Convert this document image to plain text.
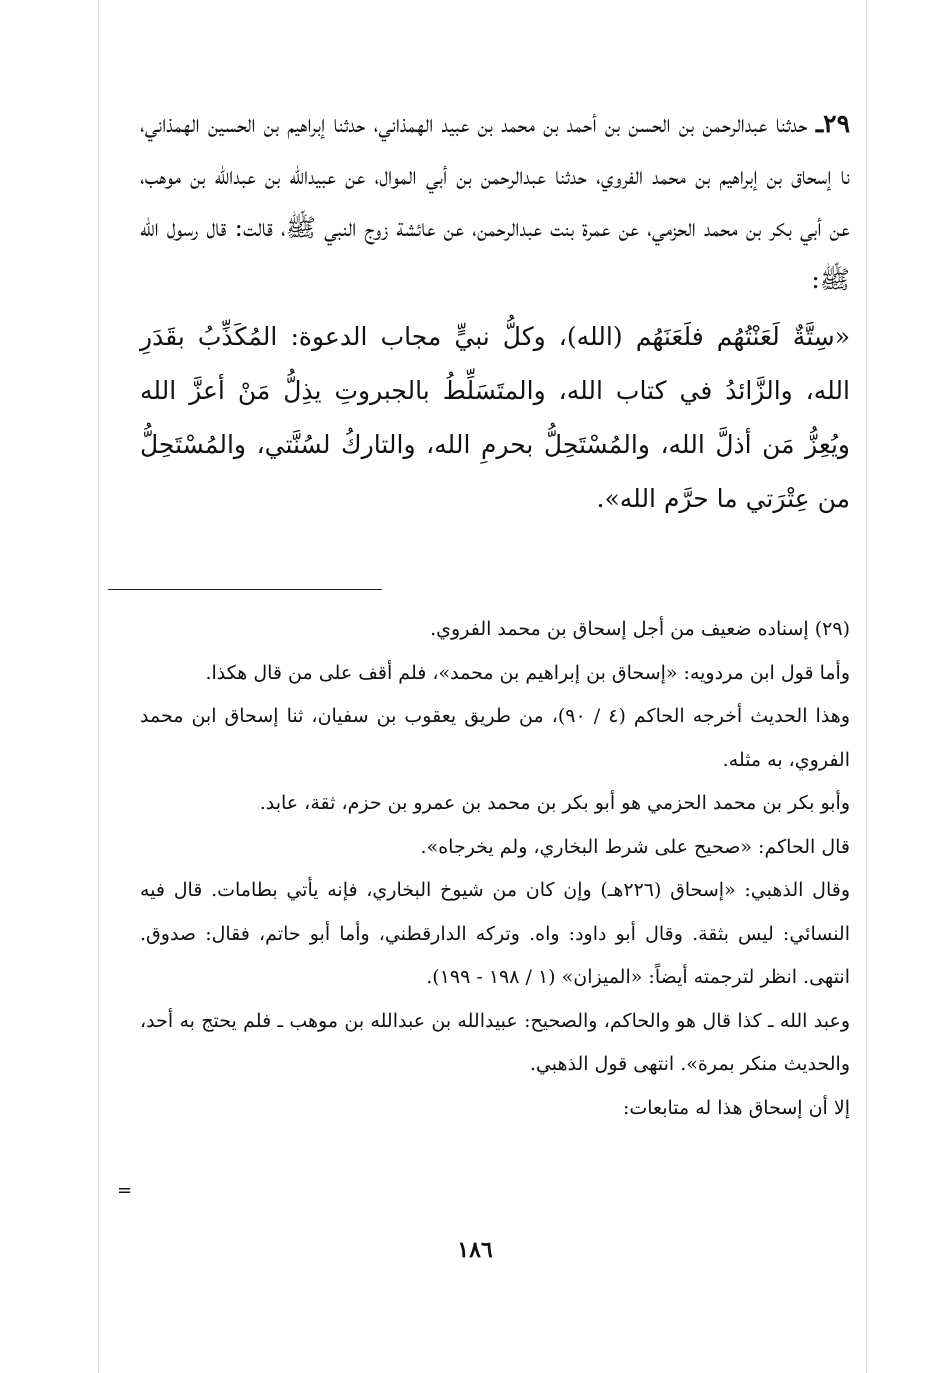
٢٩ـ حدثنا عبدالرحمن بن الحسن بن أحمد بن محمد بن عبيد الهمذاني، حدثنا إبراهيم بن الحسين الهمذاني، نا إسحاق بن إبراهيم بن محمد الفروي، حدثنا عبدالرحمن بن أبي الموال، عن عبيدالله بن عبدالله بن موهب، عن أبي بكر بن محمد الحزمي، عن عمرة بنت عبدالرحمن، عن عائشة زوج النبي ﷺ، قالت: قال رسول الله ﷺ:

«سِتَّةٌ لَعَنْتُهُم فلَعَنَهُم (الله)، وكلُّ نبيٍّ مجاب الدعوة: المُكَذِّبُ بقَدَرِ الله، والزَّائدُ في كتاب الله، والمتَسَلِّطُ بالجبروتِ يذِلُّ مَنْ أعزَّ الله ويُعِزُّ مَن أذلَّ الله، والمُسْتَحِلُّ بحرمِ الله، والتاركُ لسُنَّتي، والمُسْتَحِلُّ من عِتْرَتي ما حرَّم الله».

(٢٩) إسناده ضعيف من أجل إسحاق بن محمد الفروي.

وأما قول ابن مردويه: «إسحاق بن إبراهيم بن محمد»، فلم أقف على من قال هكذا.

وهذا الحديث أخرجه الحاكم (٤ / ٩٠)، من طريق يعقوب بن سفيان، ثنا إسحاق ابن محمد الفروي، به مثله.

وأبو بكر بن محمد الحزمي هو أبو بكر بن محمد بن عمرو بن حزم، ثقة، عابد.

قال الحاكم: «صحيح على شرط البخاري، ولم يخرجاه».

وقال الذهبي: «إسحاق (٢٢٦هـ) وإن كان من شيوخ البخاري، فإنه يأتي بطامات. قال فيه النسائي: ليس بثقة. وقال أبو داود: واه. وتركه الدارقطني، وأما أبو حاتم، فقال: صدوق. انتهى. انظر لترجمته أيضاً: «الميزان» (١ / ١٩٨ - ١٩٩).

وعبد الله ـ كذا قال هو والحاكم، والصحيح: عبيدالله بن عبدالله بن موهب ـ فلم يحتج به أحد، والحديث منكر بمرة». انتهى قول الذهبي.

إلا أن إسحاق هذا له متابعات:

=
١٨٦
